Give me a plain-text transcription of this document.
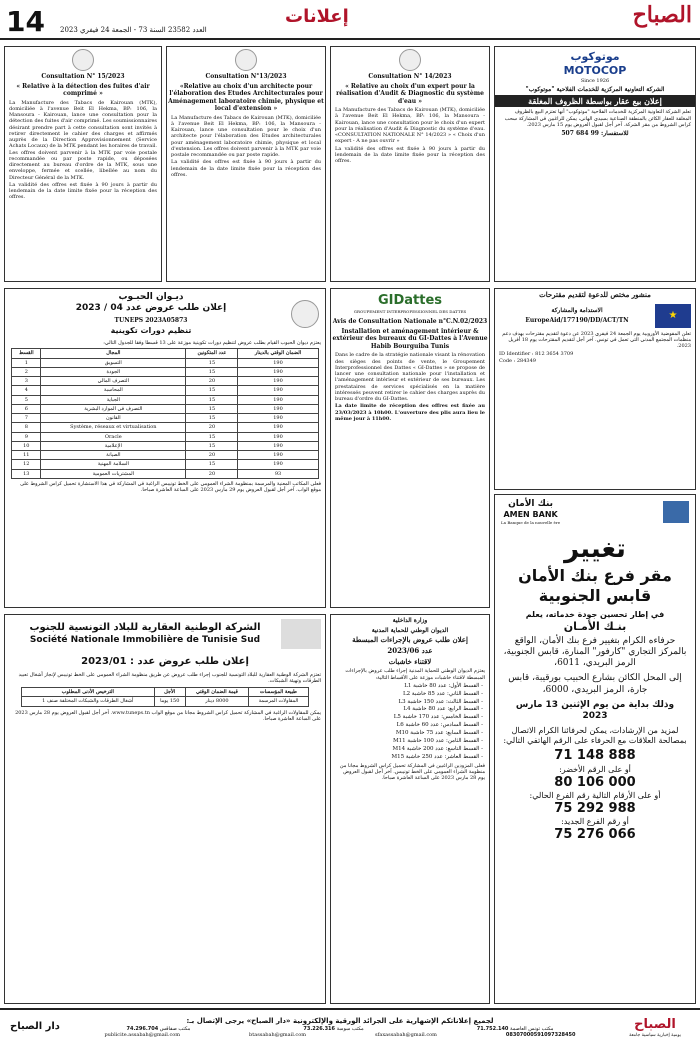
14 العدد 23582 السنة 73 - الجمعة 24 فيفري 2023
إعلانات	الصباح
Consultation N° 15/2023
« Relative à la détection des fuites d'air comprimé »
La Manufacture des Tabacs de Kairouan (MTK), domiciliée à l'avenue Beit El Hekma, BP: 106, la Mansoura - Kairouan, lance une consultation pour la détection des fuites d'air comprimé. Les soumissionnaires désirant prendre part à cette consultation sont invités à retirer directement le cahier des charges et affirmés auprès de la Direction Approvisionnement (Service Achats Locaux) de la MTK pendant les horaires de travail. Les offres doivent parvenir à la MTK par voie postale recommandée ou par poste rapide, ou déposées directement au bureau d'ordre de la MTK, sous une enveloppe, fermée et scellée, libellée au nom du Directeur Général de la MTK.
La validité des offres est fixée à 90 jours à partir du lendemain de la date limite fixée pour la réception des offres.
Consultation N°13/2023
«Relative au choix d'un architecte pour l'élaboration des Etudes Architecturales pour Aménagement laboratoire chimie, physique et local d'extension »
La Manufacture des Tabacs de Kairouan (MTK), domiciliée à l'avenue Beit El Hekma, BP: 106, la Mansoura - Kairouan, lance une consultation pour le choix d'un architecte pour l'élaboration des Etudes architecturales pour aménagement laboratoire chimie, physique et local d'extension. Les offres doivent parvenir à la MTK par voie postale recommandée ou par poste rapide.
La validité des offres est fixée à 90 jours à partir du lendemain de la date limite fixée pour la réception des offres.
Consultation N° 14/2023
« Relative au choix d'un expert pour la réalisation d'Audit & Diagnostic du système d'eau »
La Manufacture des Tabacs de Kairouan (MTK), domiciliée à l'avenue Beit El Hekma, BP: 106, la Mansoura - Kairouan, lance une consultation pour le choix d'un expert pour la réalisation d'Audit & Diagnostic du système d'eau. «CONSULTATION NATIONALE N° 14/2023 » « Choix d'un expert - A ne pas ouvrir »
La validité des offres est fixée à 90 jours à partir du lendemain de la date limite fixée pour la réception des offres.
موتوكوب
MOTOCOP
Since 1926
الشركة التعاونية المركزية للخدمات الفلاحية "موتوكوب"
إعلان بيع عقار بواسطة الظروف المغلقة
تعلم الشركة التعاونية المركزية للخدمات الفلاحية "موتوكوب" أنها تعتزم البيع بالظروف المغلقة للعقار الكائن بالمنطقة الصناعية بسيدي الهاني، يمكن للراغبين في المشاركة سحب كراس الشروط من مقر الشركة. آخر أجل لقبول العروض يوم 15 مارس 2023.
للاستفسار: 99 684 507
ديـوان الحبـوب
إعلان طلب عروض عدد 04 / 2023
TUNEPS 2023A05873
تنظيم دورات تكوينية
يعتزم ديوان الحبوب القيام بطلب عروض لتنظيم دورات تكوينية موزعة على 13 قسطا وفقا للجدول التالي:
الضمان الوقتي بالدينار	عدد المتكونين	المجال	القسط
190	15	التسويق	1
190	15	الجودة	2
190	20	التصرف المالي	3
190	15	المحاسبة	4
190	15	الجباية	5
190	15	التصرف في الموارد البشرية	6
190	15	القانون	7
190	20	Système, réseaux et virtualisation	8
190	15	Oracle	9
190	15	الإعلامية	10
190	20	الصيانة	11
190	15	السلامة المهنية	12
93	20	المشتريات العمومية	13
فعلى المكاتب المعنية والمرسمة بمنظومة الشراء العمومي على الخط تونيبس الراغبة في المشاركة في هذا الاستشارة تحميل كراس الشروط على موقع الواب. آخر أجل لقبول العروض يوم 29 مارس 2023 على الساعة العاشرة صباحا.
GIDattes
GROUPEMENT INTERPROFESSIONNEL DES DATTES
Avis de Consultation Nationale n°C.N.02/2023
Installation et aménagement intérieur & extérieur des bureaux du GI-Dattes à l'Avenue Habib Bourguiba Tunis
Dans le cadre de la stratégie nationale visant la rénovation des sièges des points de vente, le Groupement Interprofessionnel des Dattes « GI-Dattes » se propose de lancer une consultation nationale pour l'installation et l'aménagement intérieur et extérieur de ses bureaux. Les prestataires de services spécialisés en la matière intéressés peuvent retirer le cahier des charges auprès du bureau d'ordre du GI-Dattes.
La date limite de réception des offres est fixée au 23/03/2023 à 10h00. L'ouverture des plis aura lieu le même jour à 11h00.
منشور مختص للدعوة لتقديم مقترحات
★
الاستدامة والمشاركة
EuropeAid/177190/DD/ACT/TN
تعلن المفوضية الأوروبية يوم الجمعة 24 فيفري 2023 عن دعوة لتقديم مقترحات بهدف دعم منظمات المجتمع المدني التي تعمل في تونس. آخر أجل لتقديم المقترحات يوم 18 أفريل 2023.
ID Identifier : 812 3654 3709
Code : 284349
بنك الأمان
AMEN BANK
La Banque de la nouvelle ère
تغيير
مقر فرع بنك الأمان
قابس الجنوبية
في إطار تحسين جودة خدماته، يعلم
بنـك الأمـان
حرفاءه الكرام بتغيير فرع بنك الأمان، الواقع بالمركز التجاري "كارفور" المنارة، قابس الجنوبية، الرمز البريدي، 6011،
إلى المحل الكائن بشارع الحبيب بورقيبة، قابس جارة، الرمز البريدي، 6000،
وذلك بداية من يوم الإثنين 13 مارس 2023
لمزيد من الإرشادات، يمكن لحرفائنا الكرام الاتصال بمصالحة العلاقات مع الحرفاء على الرقم الهاتفي التالي:
71 148 888
أو على الرقم الأخضر:
80 106 000
أو على الأرقام التالية رقم الفرع الحالي:
75 292 988
أو رقم الفرع الجديد:
75 276 066
الشركة الوطنية العقارية للبلاد التونسية للجنوب
Société Nationale Immobilière de Tunisie Sud
إعلان طلب عروض عدد : 2023/01
تعتزم الشركة الوطنية العقارية للبلاد التونسية للجنوب إجراء طلب عروض عن طريق منظومة الشراء العمومي على الخط تونيبس لإنجاز أشغال تعبيد الطرقات وتهيئة الشبكات.
طبيعة المؤسسات	قيمة الضمان الوقتي	الأجل	الترخيص الأدنى المطلوب
المقاولات المرسمة	8000 دينار	150 يوما	أشغال الطرقات والشبكات المختلفة صنف 1
يمكن للمقاولات الراغبة في المشاركة تحميل كراس الشروط مجانا من موقع الواب www.tuneps.tn. آخر أجل لقبول العروض يوم 28 مارس 2023 على الساعة العاشرة صباحا.
وزارة الداخلية
الديوان الوطني للحماية المدنية
إعلان طلب عروض بالإجراءات المبسطة
عدد 2023/06
لاقتناء خاشبات
يعتزم الديوان الوطني للحماية المدنية إجراء طلب عروض بالإجراءات المبسطة لاقتناء خاشبات موزعة على الأقساط التالية:
- القسط الأول: عدد 80 خاشبة L1
- القسط الثاني: عدد 85 خاشبة L2
- القسط الثالث: عدد 150 خاشبة L3
- القسط الرابع: عدد 80 خاشبة L4
- القسط الخامس: عدد 170 خاشبة L5
- القسط السادس: عدد 60 خاشبة L6
- القسط السابع: عدد 75 خاشبة M10
- القسط الثامن: عدد 100 خاشبة M11
- القسط التاسع: عدد 200 خاشبة M14
- القسط العاشر: عدد 250 خاشبة M15
فعلى المزودين الراغبين في المشاركة تحميل كراس الشروط مجانا من منظومة الشراء العمومي على الخط تونيبس. آخر أجل لقبول العروض يوم 28 مارس 2023 على الساعة العاشرة صباحا.
دار الصباح
لجميع إعلاناتكم الإشهارية على الجرائد الورقية والإلكترونية «دار الصباح» يرجى الإتصال بـ:
مكتب تونس العاصمة 71.752.140
مكتب سوسة 73.226.316
مكتب صفاقس 74.296.704
publicite.assabah@gmail.com	btassabah@gmail.com	sfaxassabah@gmail.com	08307000591097328450
الصباح
يومية إخبارية سياسية جامعة
